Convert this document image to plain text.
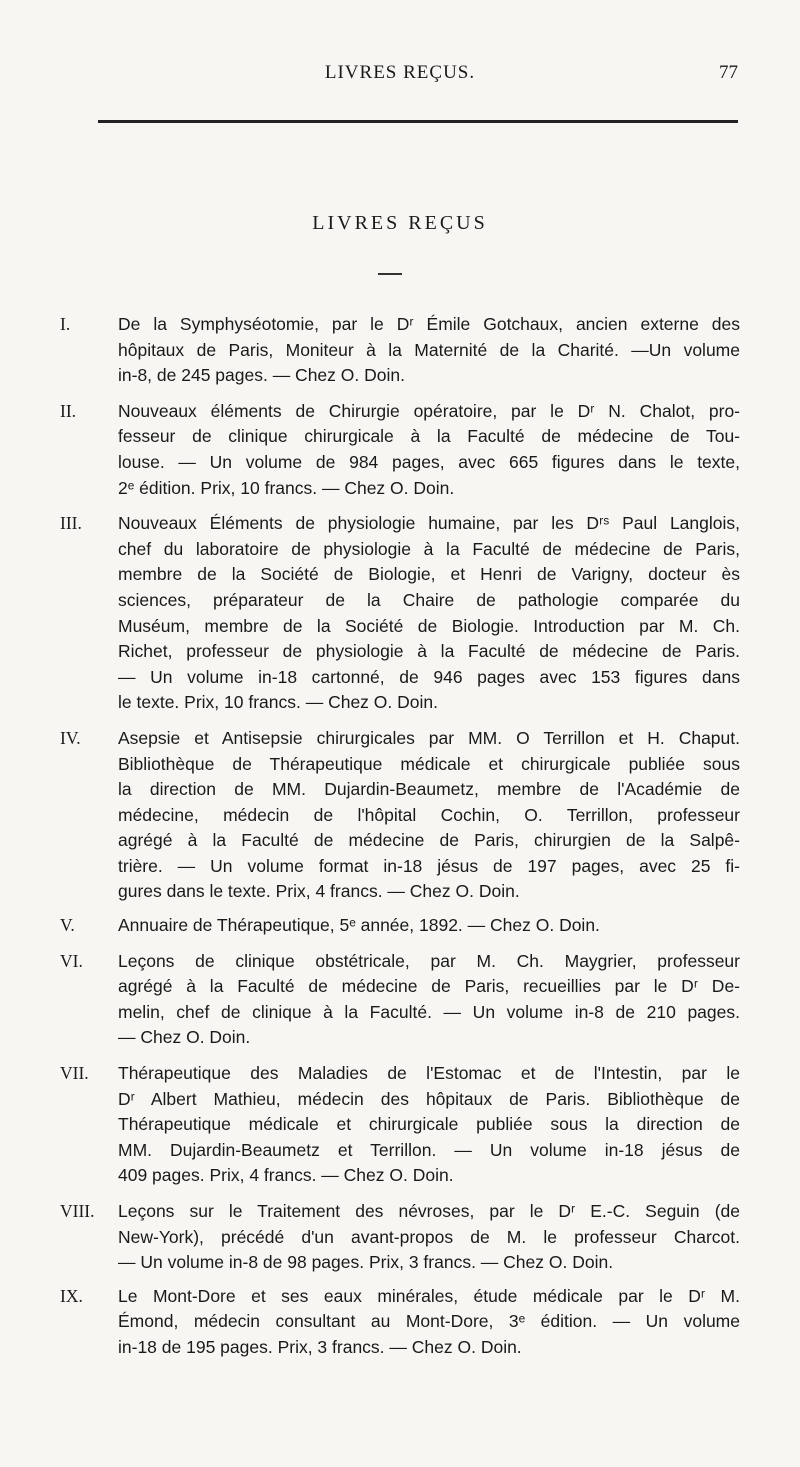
LIVRES REÇUS.	77
LIVRES REÇUS
I.	De la Symphyséotomie, par le Dʳ Émile Gotchaux, ancien externe des
hôpitaux de Paris, Moniteur à la Maternité de la Charité. —Un volume
in-8, de 245 pages. — Chez O. Doin.
II.	Nouveaux éléments de Chirurgie opératoire, par le Dʳ N. Chalot, pro-
fesseur de clinique chirurgicale à la Faculté de médecine de Tou-
louse. — Un volume de 984 pages, avec 665 figures dans le texte,
2ᵉ édition. Prix, 10 francs. — Chez O. Doin.
III.	Nouveaux Éléments de physiologie humaine, par les Dʳˢ Paul Langlois,
chef du laboratoire de physiologie à la Faculté de médecine de Paris,
membre de la Société de Biologie, et Henri de Varigny, docteur ès
sciences, préparateur de la Chaire de pathologie comparée du
Muséum, membre de la Société de Biologie. Introduction par M. Ch.
Richet, professeur de physiologie à la Faculté de médecine de Paris.
— Un volume in-18 cartonné, de 946 pages avec 153 figures dans
le texte. Prix, 10 francs. — Chez O. Doin.
IV.	Asepsie et Antisepsie chirurgicales par MM. O Terrillon et H. Chaput.
Bibliothèque de Thérapeutique médicale et chirurgicale publiée sous
la direction de MM. Dujardin-Beaumetz, membre de l'Académie de
médecine, médecin de l'hôpital Cochin, O. Terrillon, professeur
agrégé à la Faculté de médecine de Paris, chirurgien de la Salpê-
trière. — Un volume format in-18 jésus de 197 pages, avec 25 fi-
gures dans le texte. Prix, 4 francs. — Chez O. Doin.
V.	Annuaire de Thérapeutique, 5ᵉ année, 1892. — Chez O. Doin.
VI.	Leçons de clinique obstétricale, par M. Ch. Maygrier, professeur
agrégé à la Faculté de médecine de Paris, recueillies par le Dʳ De-
melin, chef de clinique à la Faculté. — Un volume in-8 de 210 pages.
— Chez O. Doin.
VII.	Thérapeutique des Maladies de l'Estomac et de l'Intestin, par le
Dʳ Albert Mathieu, médecin des hôpitaux de Paris. Bibliothèque de
Thérapeutique médicale et chirurgicale publiée sous la direction de
MM. Dujardin-Beaumetz et Terrillon. — Un volume in-18 jésus de
409 pages. Prix, 4 francs. — Chez O. Doin.
VIII.	Leçons sur le Traitement des névroses, par le Dʳ E.-C. Seguin (de
New-York), précédé d'un avant-propos de M. le professeur Charcot.
— Un volume in-8 de 98 pages. Prix, 3 francs. — Chez O. Doin.
IX.	Le Mont-Dore et ses eaux minérales, étude médicale par le Dʳ M.
Émond, médecin consultant au Mont-Dore, 3ᵉ édition. — Un volume
in-18 de 195 pages. Prix, 3 francs. — Chez O. Doin.
